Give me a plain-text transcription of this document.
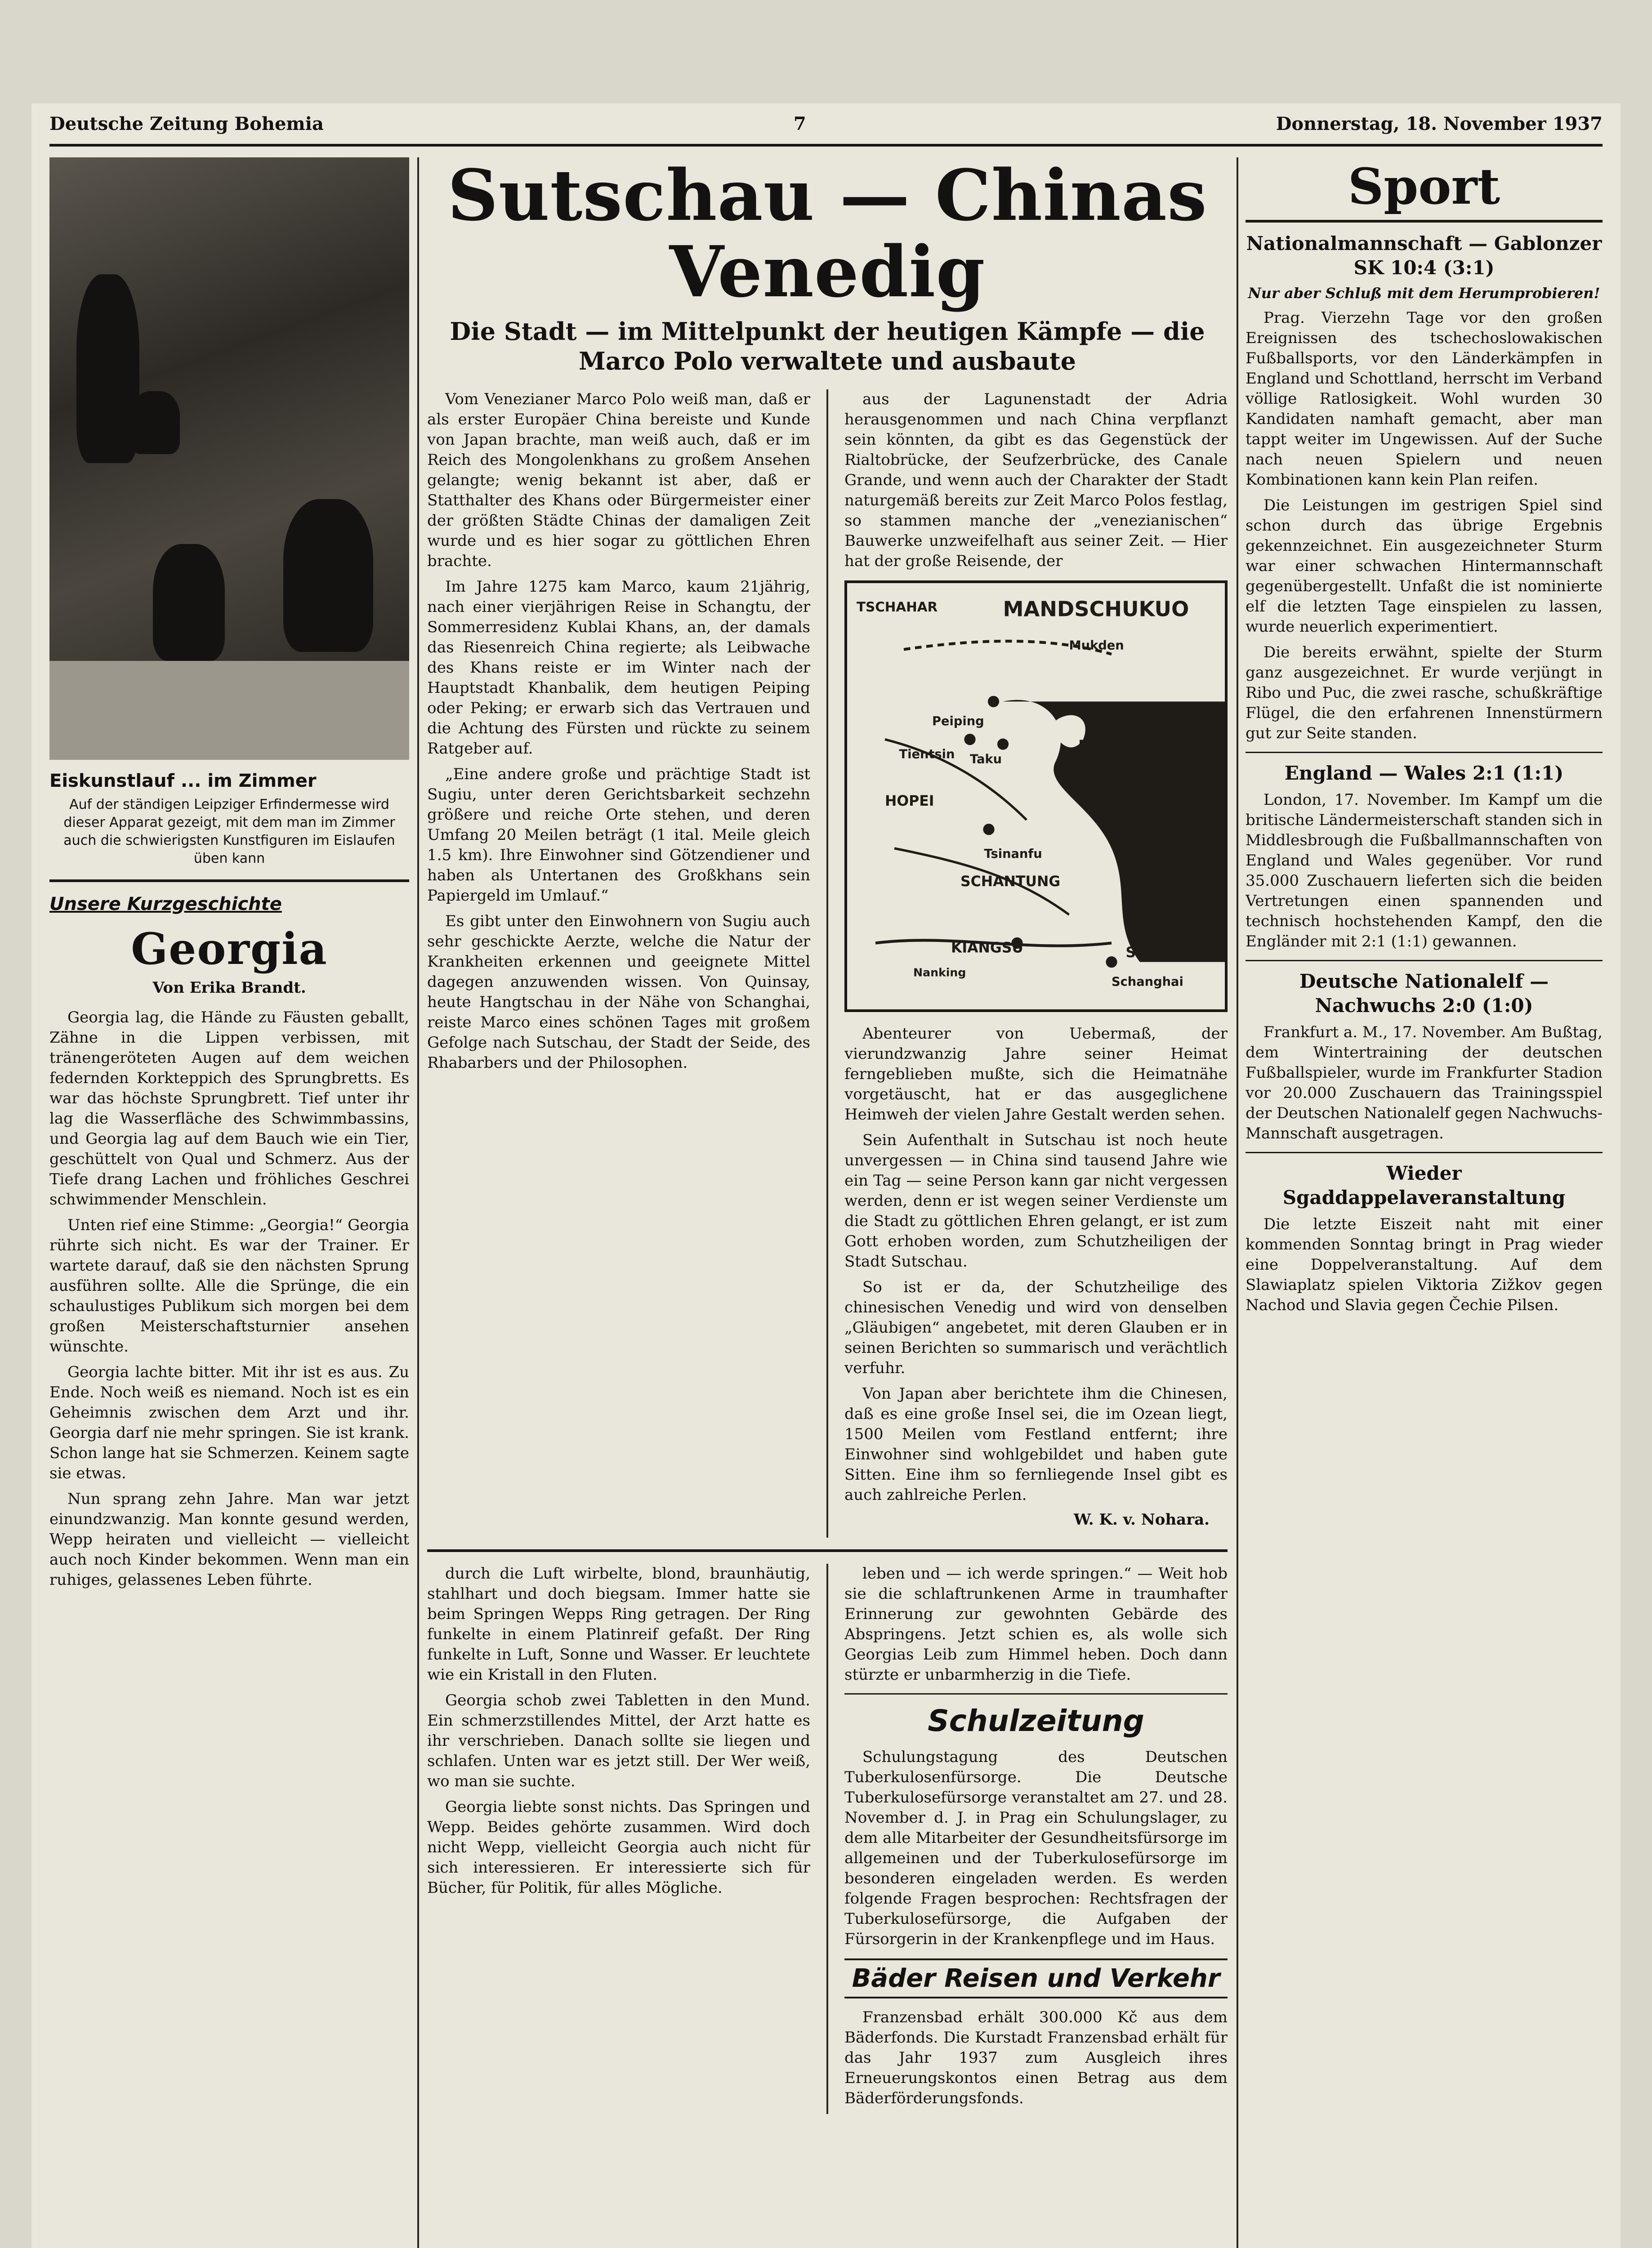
Deutsche Zeitung Bohemia	7	Donnerstag, 18. November 1937
Eiskunstlauf ... im Zimmer
Auf der ständigen Leipziger Erfindermesse wird dieser Apparat gezeigt, mit dem man im Zimmer auch die schwierigsten Kunstfiguren im Eislaufen üben kann
Unsere Kurzgeschichte
Georgia
Von Erika Brandt.

Georgia lag, die Hände zu Fäusten geballt, Zähne in die Lippen verbissen, mit tränengeröteten Augen auf dem weichen federnden Korkteppich des Sprungbretts. Es war das höchste Sprungbrett. Tief unter ihr lag die Wasserfläche des Schwimmbassins, und Georgia lag auf dem Bauch wie ein Tier, geschüttelt von Qual und Schmerz. Aus der Tiefe drang Lachen und fröhliches Geschrei schwimmender Menschlein.

Unten rief eine Stimme: „Georgia!“ Georgia rührte sich nicht. Es war der Trainer. Er wartete darauf, daß sie den nächsten Sprung ausführen sollte. Alle die Sprünge, die ein schaulustiges Publikum sich morgen bei dem großen Meisterschaftsturnier ansehen wünschte.

Georgia lachte bitter. Mit ihr ist es aus. Zu Ende. Noch weiß es niemand. Noch ist es ein Geheimnis zwischen dem Arzt und ihr. Georgia darf nie mehr springen. Sie ist krank. Schon lange hat sie Schmerzen. Keinem sagte sie etwas.

Nun sprang zehn Jahre. Man war jetzt einundzwanzig. Man konnte gesund werden, Wepp heiraten und vielleicht — vielleicht auch noch Kinder bekommen. Wenn man ein ruhiges, gelassenes Leben führte.

Sutschau — Chinas Venedig
Die Stadt — im Mittelpunkt der heutigen Kämpfe — die Marco Polo verwaltete und ausbaute

Vom Venezianer Marco Polo weiß man, daß er als erster Europäer China bereiste und Kunde von Japan brachte, man weiß auch, daß er im Reich des Mongolenkhans zu großem Ansehen gelangte; wenig bekannt ist aber, daß er Statthalter des Khans oder Bürgermeister einer der größten Städte Chinas der damaligen Zeit wurde und es hier sogar zu göttlichen Ehren brachte.

Im Jahre 1275 kam Marco, kaum 21jährig, nach einer vierjährigen Reise in Schangtu, der Sommerresidenz Kublai Khans, an, der damals das Riesenreich China regierte; als Leibwache des Khans reiste er im Winter nach der Hauptstadt Khanbalik, dem heutigen Peiping oder Peking; er erwarb sich das Vertrauen und die Achtung des Fürsten und rückte zu seinem Ratgeber auf.

„Eine andere große und prächtige Stadt ist Sugiu, unter deren Gerichtsbarkeit sechzehn größere und reiche Orte stehen, und deren Umfang 20 Meilen beträgt (1 ital. Meile gleich 1.5 km). Ihre Einwohner sind Götzendiener und haben als Untertanen des Großkhans sein Papiergeld im Umlauf.“

Es gibt unter den Einwohnern von Sugiu auch sehr geschickte Aerzte, welche die Natur der Krankheiten erkennen und geeignete Mittel dagegen anzuwenden wissen. Von Quinsay, heute Hangtschau in der Nähe von Schanghai, reiste Marco eines schönen Tages mit großem Gefolge nach Sutschau, der Stadt der Seide, des Rhabarbers und der Philosophen.

aus der Lagunenstadt der Adria herausgenommen und nach China verpflanzt sein könnten, da gibt es das Gegenstück der Rialtobrücke, der Seufzerbrücke, des Canale Grande, und wenn auch der Charakter der Stadt naturgemäß bereits zur Zeit Marco Polos festlag, so stammen manche der „venezianischen“ Bauwerke unzweifelhaft aus seiner Zeit. — Hier hat der große Reisende, der

TSCHAHAR	MANDSCHUKUO
Mukden
Peiping
Tientsin Taku
Dairen
HOPEI
Tsinanfu
SCHANTUNG
KIANGSU
Nanking
Sutschau
Schanghai

Abenteurer von Uebermaß, der vierundzwanzig Jahre seiner Heimat ferngeblieben mußte, sich die Heimatnähe vorgetäuscht, hat er das ausgeglichene Heimweh der vielen Jahre Gestalt werden sehen.

Sein Aufenthalt in Sutschau ist noch heute unvergessen — in China sind tausend Jahre wie ein Tag — seine Person kann gar nicht vergessen werden, denn er ist wegen seiner Verdienste um die Stadt zu göttlichen Ehren gelangt, er ist zum Gott erhoben worden, zum Schutzheiligen der Stadt Sutschau.

So ist er da, der Schutzheilige des chinesischen Venedig und wird von denselben „Gläubigen“ angebetet, mit deren Glauben er in seinen Berichten so summarisch und verächtlich verfuhr.

Von Japan aber berichtete ihm die Chinesen, daß es eine große Insel sei, die im Ozean liegt, 1500 Meilen vom Festland entfernt; ihre Einwohner sind wohlgebildet und haben gute Sitten. Eine ihm so fernliegende Insel gibt es auch zahlreiche Perlen.

W. K. v. Nohara.

durch die Luft wirbelte, blond, braunhäutig, stahlhart und doch biegsam. Immer hatte sie beim Springen Wepps Ring getragen. Der Ring funkelte in einem Platinreif gefaßt. Der Ring funkelte in Luft, Sonne und Wasser. Er leuchtete wie ein Kristall in den Fluten.

Georgia schob zwei Tabletten in den Mund. Ein schmerzstillendes Mittel, der Arzt hatte es ihr verschrieben. Danach sollte sie liegen und schlafen. Unten war es jetzt still. Der Wer weiß, wo man sie suchte.

Georgia liebte sonst nichts. Das Springen und Wepp. Beides gehörte zusammen. Wird doch nicht Wepp, vielleicht Georgia auch nicht für sich interessieren. Er interessierte sich für Bücher, für Politik, für alles Mögliche.

leben und — ich werde springen.“ — Weit hob sie die schlaftrunkenen Arme in traumhafter Erinnerung zur gewohnten Gebärde des Abspringens. Jetzt schien es, als wolle sich Georgias Leib zum Himmel heben. Doch dann stürzte er unbarmherzig in die Tiefe.

Schulzeitung

Schulungstagung des Deutschen Tuberkulosenfürsorge. Die Deutsche Tuberkulosefürsorge veranstaltet am 27. und 28. November d. J. in Prag ein Schulungslager, zu dem alle Mitarbeiter der Gesundheitsfürsorge im allgemeinen und der Tuberkulosefürsorge im besonderen eingeladen werden. Es werden folgende Fragen besprochen: Rechtsfragen der Tuberkulosefürsorge, die Aufgaben der Fürsorgerin in der Krankenpflege und im Haus.

Bäder Reisen und Verkehr

Franzensbad erhält 300.000 Kč aus dem Bäderfonds. Die Kurstadt Franzensbad erhält für das Jahr 1937 zum Ausgleich ihres Erneuerungskontos einen Betrag aus dem Bäderförderungsfonds.

Sport
Nationalmannschaft — Gablonzer SK 10:4 (3:1)
Nur aber Schluß mit dem Herumprobieren!

Prag. Vierzehn Tage vor den großen Ereignissen des tschechoslowakischen Fußballsports, vor den Länderkämpfen in England und Schottland, herrscht im Verband völlige Ratlosigkeit. Wohl wurden 30 Kandidaten namhaft gemacht, aber man tappt weiter im Ungewissen. Auf der Suche nach neuen Spielern und neuen Kombinationen kann kein Plan reifen.

Die Leistungen im gestrigen Spiel sind schon durch das übrige Ergebnis gekennzeichnet. Ein ausgezeichneter Sturm war einer schwachen Hintermannschaft gegenübergestellt. Unfaßt die ist nominierte elf die letzten Tage einspielen zu lassen, wurde neuerlich experimentiert.

Die bereits erwähnt, spielte der Sturm ganz ausgezeichnet. Er wurde verjüngt in Ribo und Puc, die zwei rasche, schußkräftige Flügel, die den erfahrenen Innenstürmern gut zur Seite standen.

England — Wales 2:1 (1:1)

London, 17. November. Im Kampf um die britische Ländermeisterschaft standen sich in Middlesbrough die Fußballmannschaften von England und Wales gegenüber. Vor rund 35.000 Zuschauern lieferten sich die beiden Vertretungen einen spannenden und technisch hochstehenden Kampf, den die Engländer mit 2:1 (1:1) gewannen.

Deutsche Nationalelf — Nachwuchs 2:0 (1:0)

Frankfurt a. M., 17. November. Am Bußtag, dem Wintertraining der deutschen Fußballspieler, wurde im Frankfurter Stadion vor 20.000 Zuschauern das Trainingsspiel der Deutschen Nationalelf gegen Nachwuchs-Mannschaft ausgetragen.

Wieder Sgaddappelaveranstaltung

Die letzte Eiszeit naht mit einer kommenden Sonntag bringt in Prag wieder eine Doppelveranstaltung. Auf dem Slawiaplatz spielen Viktoria Zižkov gegen Nachod und Slavia gegen Čechie Pilsen.
